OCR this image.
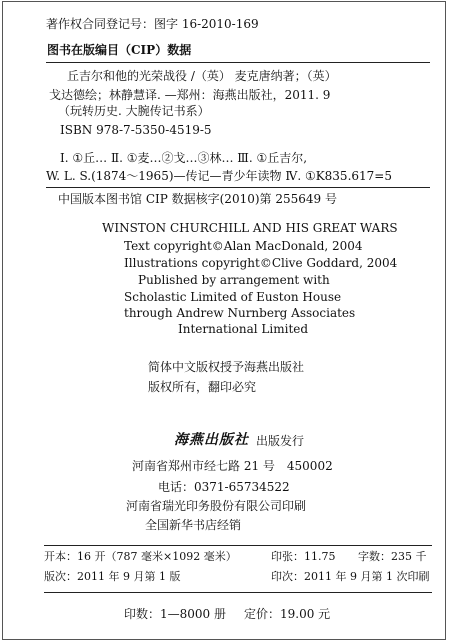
著作权合同登记号：图字 16-2010-169
图书在版编目（CIP）数据
丘吉尔和他的光荣战役 /（英） 麦克唐纳著；（英）
戈达德绘；林静慧译. —郑州：海燕出版社，2011. 9
（玩转历史. 大腕传记书系）
ISBN 978-7-5350-4519-5
Ⅰ. ①丘… Ⅱ. ①麦…②戈…③林… Ⅲ. ①丘吉尔,
W. L. S.(1874～1965)—传记—青少年读物 Ⅳ. ①K835.617=5
中国版本图书馆 CIP 数据核字(2010)第 255649 号
WINSTON CHURCHILL AND HIS GREAT WARS
Text copyright©Alan MacDonald, 2004
Illustrations copyright©Clive Goddard, 2004
Published by arrangement with
Scholastic Limited of Euston House
through Andrew Nurnberg Associates
International Limited
简体中文版权授予海燕出版社
版权所有，翻印必究
海燕出版社 出版发行
河南省郑州市经七路 21 号　450002
电话：0371-65734522
河南省瑞光印务股份有限公司印刷
全国新华书店经销
开本：16 开（787 毫米×1092 毫米）	印张：11.75 字数：235 千
版次：2011 年 9 月第 1 版	印次：2011 年 9 月第 1 次印刷
印数：1—8000 册 定价：19.00 元
